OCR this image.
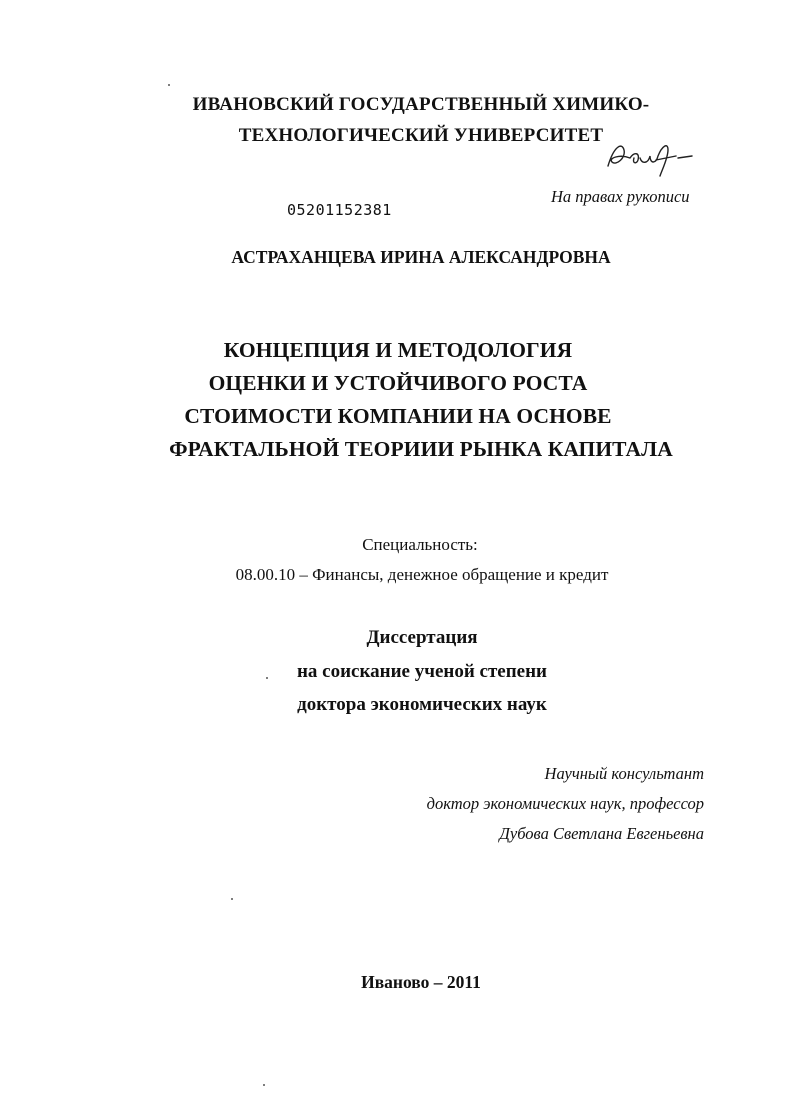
ИВАНОВСКИЙ ГОСУДАРСТВЕННЫЙ ХИМИКО-
ТЕХНОЛОГИЧЕСКИЙ УНИВЕРСИТЕТ
На правах рукописи
05201152381
АСТРАХАНЦЕВА ИРИНА АЛЕКСАНДРОВНА
КОНЦЕПЦИЯ И МЕТОДОЛОГИЯ
ОЦЕНКИ И УСТОЙЧИВОГО РОСТА
СТОИМОСТИ КОМПАНИИ НА ОСНОВЕ
ФРАКТАЛЬНОЙ ТЕОРИИИ РЫНКА КАПИТАЛА
Специальность:
08.00.10 – Финансы, денежное обращение и кредит
Диссертация
на соискание ученой степени
доктора экономических наук
Научный консультант
доктор экономических наук, профессор
Дубова Светлана Евгеньевна
Иваново – 2011
